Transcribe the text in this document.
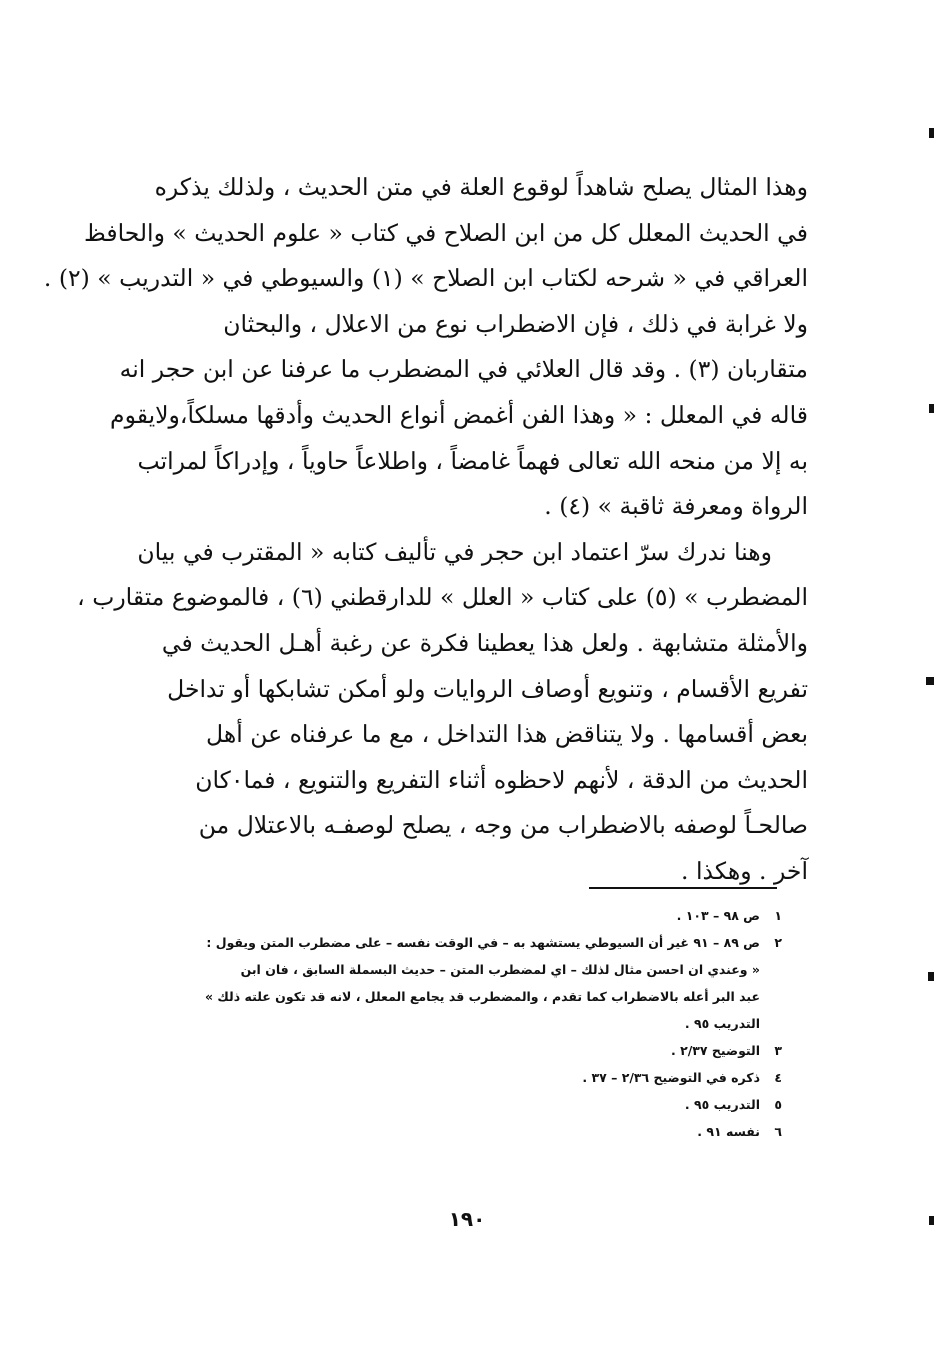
وهذا المثال يصلح شاهداً لوقوع العلة في متن الحديث ، ولذلك يذكره
في الحديث المعلل كل من ابن الصلاح في كتاب « علوم الحديث » والحافظ
العراقي في « شرحه لكتاب ابن الصلاح » (١) والسيوطي في « التدريب » (٢) .
ولا غرابة في ذلك ، فإن الاضطراب نوع من الاعلال ، والبحثان
متقاربان (٣) . وقد قال العلائي في المضطرب ما عرفنا عن ابن حجر انه
قاله في المعلل : « وهذا الفن أغمض أنواع الحديث وأدقها مسلكاً،ولايقوم
به إلا من منحه الله تعالى فهماً غامضاً ، واطلاعاً حاوياً ، وإدراكاً لمراتب
الرواة ومعرفة ثاقبة » (٤) .
وهنا ندرك سرّ اعتماد ابن حجر في تأليف كتابه « المقترب في بيان
المضطرب » (٥) على كتاب « العلل » للدارقطني (٦) ، فالموضوع متقارب ،
والأمثلة متشابهة . ولعل هذا يعطينا فكرة عن رغبة أهـل الحديث في
تفريع الأقسام ، وتنويع أوصاف الروايات ولو أمكن تشابكها أو تداخل
بعض أقسامها . ولا يتناقض هذا التداخل ، مع ما عرفناه عن أهل
الحديث من الدقة ، لأنهم لاحظوه أثناء التفريع والتنويع ، فما٠كان
صالحـاً لوصفه بالاضطراب من وجه ، يصلح لوصفـه بالاعتلال من
آخر . وهكذا .
١
ص ٩٨ – ١٠٣ .
٢
ص ٨٩ – ٩١ غير أن السيوطي يستشهد به – في الوقت نفسه – على مضطرب المتن ويقول :
« وعندي ان احسن مثال لذلك – اي لمضطرب المتن – حديث البسملة السابق ، فان ابن
عبد البر أعله بالاضطراب كما تقدم ، والمضطرب قد يجامع المعلل ، لانه قد تكون علته ذلك »
التدريب ٩٥ .
٣
التوضيح ٢/٣٧ .
٤
ذكره في التوضيح ٢/٣٦ – ٣٧ .
٥
التدريب ٩٥ .
٦
نفسه ٩١ .
١٩٠
